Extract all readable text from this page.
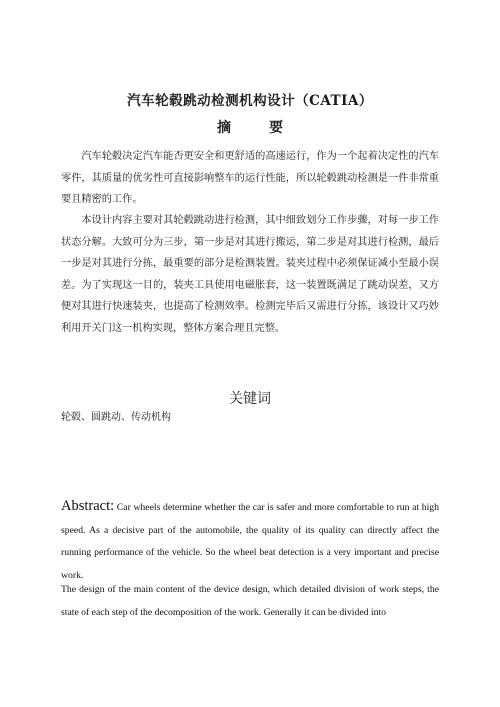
汽车轮毂跳动检测机构设计（CATIA）
摘　要

汽车轮毂决定汽车能否更安全和更舒适的高速运行，作为一个起着决定性的汽车零件，其质量的优劣性可直接影响整车的运行性能，所以轮毂跳动检测是一件非常重要且精密的工作。

本设计内容主要对其轮毂跳动进行检测，其中细致划分工作步骤，对每一步工作状态分解。大致可分为三步，第一步是对其进行搬运，第二步是对其进行检测，最后一步是对其进行分拣，最重要的部分是检测装置。装夹过程中必须保证减小至最小误差。为了实现这一目的，装夹工具使用电磁胀套，这一装置既满足了跳动误差，又方便对其进行快速装夹，也提高了检测效率。检测完毕后又需进行分拣，该设计又巧妙利用开关门这一机构实现，整体方案合理且完整。

关键词

轮毂、圆跳动、传动机构

Abstract: Car wheels determine whether the car is safer and more comfortable to run at high speed. As a decisive part of the automobile, the quality of its quality can directly affect the running performance of the vehicle. So the wheel beat detection is a very important and precise work.

The design of the main content of the device design, which detailed division of work steps, the state of each step of the decomposition of the work. Generally it can be divided into
